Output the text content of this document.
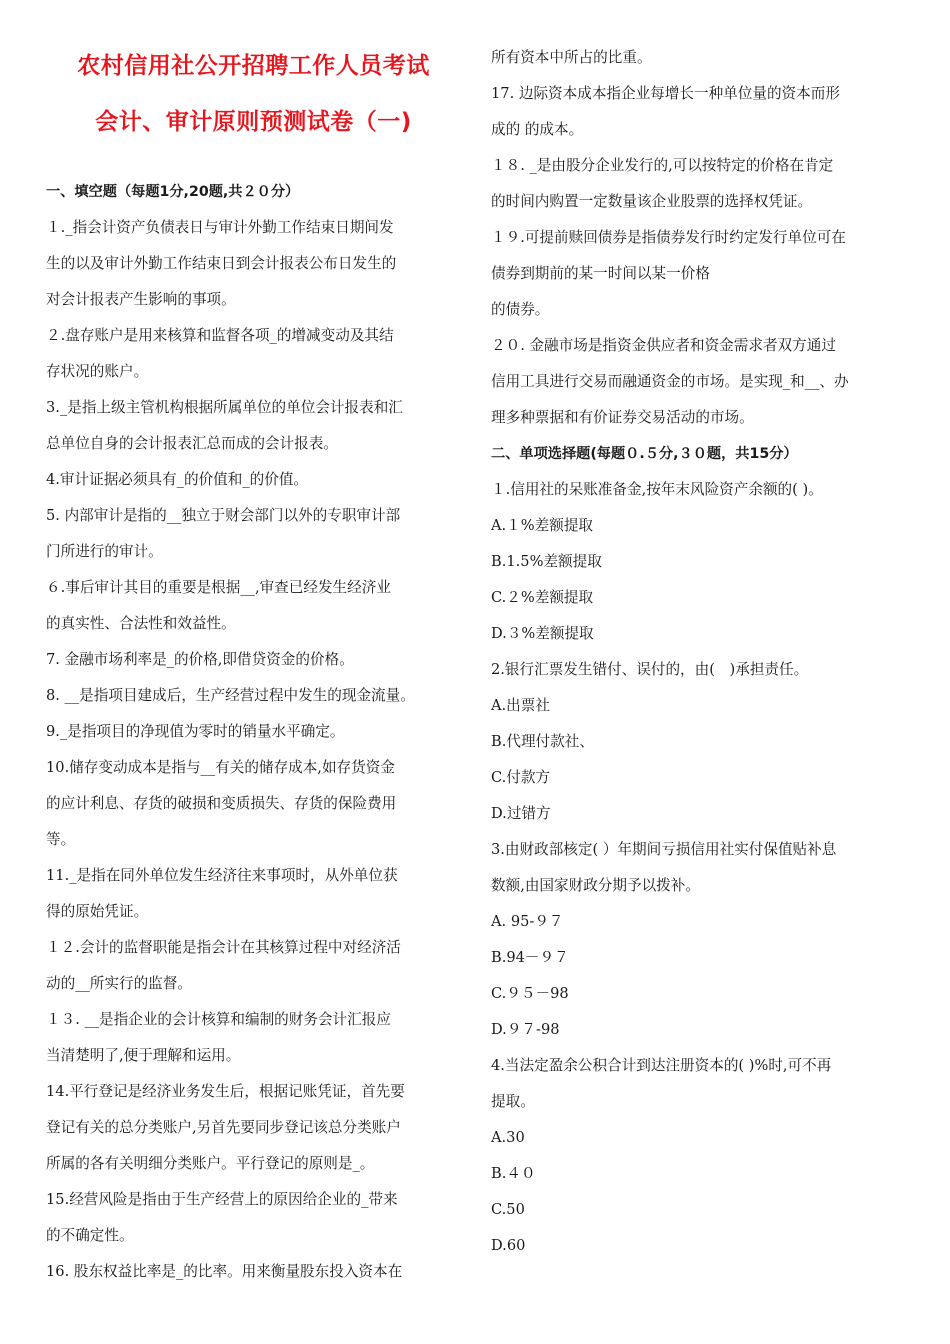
农村信用社公开招聘工作人员考试
会计、审计原则预测试卷（一)
一、填空题（每题1分,20题,共２０分）
１._指会计资产负债表日与审计外勤工作结束日期间发
生的以及审计外勤工作结束日到会计报表公布日发生的
对会计报表产生影响的事项。
２.盘存账户是用来核算和监督各项_的增减变动及其结
存状况的账户。
3._是指上级主管机构根据所属单位的单位会计报表和汇
总单位自身的会计报表汇总而成的会计报表。
4.审计证据必须具有_的价值和_的价值。
5. 内部审计是指的__独立于财会部门以外的专职审计部
门所进行的审计。
６.事后审计其目的重要是根据__,审查已经发生经济业
的真实性、合法性和效益性。
7. 金融市场利率是_的价格,即借贷资金的价格。
8. __是指项目建成后，生产经营过程中发生的现金流量。
9._是指项目的净现值为零时的销量水平确定。
10.储存变动成本是指与__有关的储存成本,如存货资金
的应计利息、存货的破损和变质损失、存货的保险费用
等。
11._是指在同外单位发生经济往来事项时，从外单位获
得的原始凭证。
１２.会计的监督职能是指会计在其核算过程中对经济活
动的__所实行的监督。
１３. __是指企业的会计核算和编制的财务会计汇报应
当清楚明了,便于理解和运用。
14.平行登记是经济业务发生后，根据记账凭证，首先要
登记有关的总分类账户,另首先要同步登记该总分类账户
所属的各有关明细分类账户。平行登记的原则是_。
15.经营风险是指由于生产经营上的原因给企业的_带来
的不确定性。
16. 股东权益比率是_的比率。用来衡量股东投入资本在
所有资本中所占的比重。
17. 边际资本成本指企业每增长一种单位量的资本而形
成的 的成本。
１８. _是由股分企业发行的,可以按特定的价格在肯定
的时间内购置一定数量该企业股票的选择权凭证。
１９.可提前赎回债券是指债券发行时约定发行单位可在
债券到期前的某一时间以某一价格
的债券。
２０. 金融市场是指资金供应者和资金需求者双方通过
信用工具进行交易而融通资金的市场。是实现_和__、办
理多种票据和有价证券交易活动的市场。
二、单项选择题(每题０.５分,３０题，共15分）
１.信用社的呆账准备金,按年末风险资产余额的( )。
A.１%差额提取
B.1.5%差额提取
C.２%差额提取
D.３%差额提取
2.银行汇票发生错付、误付的，由(　)承担责任。
A.出票社
B.代理付款社、
C.付款方
D.过错方
3.由财政部核定( ）年期间亏损信用社实付保值贴补息
数额,由国家财政分期予以拨补。
A. 95-９７
B.94－９７
C.９５－98
D.９７-98
4.当法定盈余公积合计到达注册资本的( )%时,可不再
提取。
A.30
B.４０
C.50
D.60
